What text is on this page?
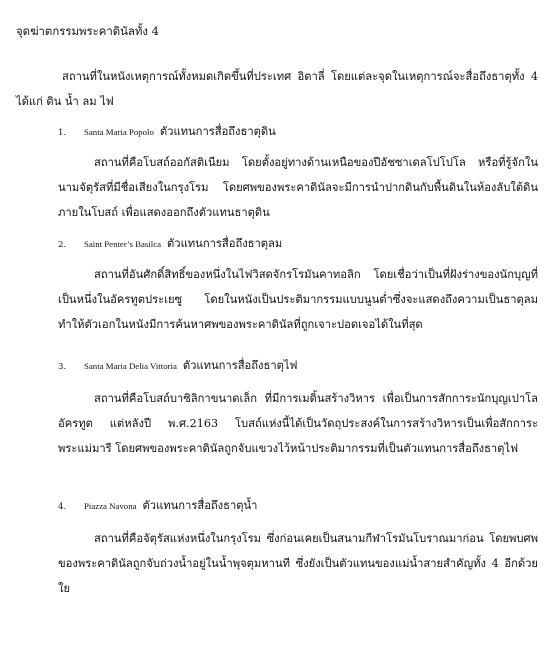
จุดฆ่าตกรรมพระคาดินัลทั้ง 4

สถานที่ในหนังเหตุการณ์ทั้งหมดเกิดขึ้นที่ประเทศ อิตาลี่ โดยแต่ละจุดในเหตุการณ์จะสื่อถึงธาตุทั้ง 4 ได้แก่ ดิน น้ำ ลม ไฟ

1.	Santa Maria Popolo ตัวแทนการสื่อถึงธาตุดิน

สถานที่คือโบสถ์ออกัสติเนียม โดยตั้งอยู่ทางด้านเหนือของปีอัชซาเดลโปโปโล หรือที่รู้จักในนามจัตุรัสที่มีชื่อเสียงในกรุงโรม โดยศพของพระคาดินัลจะมีการนำปากดินกับพื้นดินในห้องลับใต้ดินภายในโบสถ์ เพื่อแสดงออกถึงตัวแทนธาตุดิน

2.	Saint Penter’s Basilca ตัวแทนการสื่อถึงธาตุลม

สถานที่อันศักดิ์สิทธิ์ของหนึ่งในไฟวิสดจักรโรมันคาทอลิก โดยเชื่อว่าเป็นที่ฝังร่างของนักบุญที่เป็นหนึ่งในอัครทูตประเยซู โดยในหนังเป็นประติมากรรมแบบนูนต่ำซึ่งจะแสดงถึงความเป็นธาตุลม ทำให้ตัวเอกในหนังมีการค้นหาศพของพระคาดินัลที่ถูกเจาะปอดเจอได้ในที่สุด

3.	Santa Maria Delia Vittoria ตัวแทนการสื่อถึงธาตุไฟ

สถานที่คือโบสถ์บาซิลิกาขนาดเล็ก ที่มีการเมดิ้นสร้างวิหาร เพื่อเป็นการสักการะนักบุญเปาโลอัครทูต แต่หลังปี พ.ศ.2163 โบสถ์แห่งนี้ได้เป็นวัดถุประสงค์ในการสร้างวิหารเป็นเพื่อสักการะพระแม่มารี โดยศพของพระคาดินัลถูกจับแขวงไว้หน้าประติมากรรมที่เป็นตัวแทนการสื่อถึงธาตุไฟ

4.	Piazza Navona ตัวแทนการสื่อถึงธาตุน้ำ

สถานที่คือจัตุรัสแห่งหนึ่งในกรุงโรม ซึ่งก่อนเคยเป็นสนามกีฬาโรมันโบราณมาก่อน โดยพบศพของพระคาดินัลถูกจับถ่วงน้ำอยู่ในน้ำพุจตุมหานที ซึ่งยังเป็นตัวแทนของแม่น้ำสายสำคัญทั้ง 4 อีกด้วยใย
